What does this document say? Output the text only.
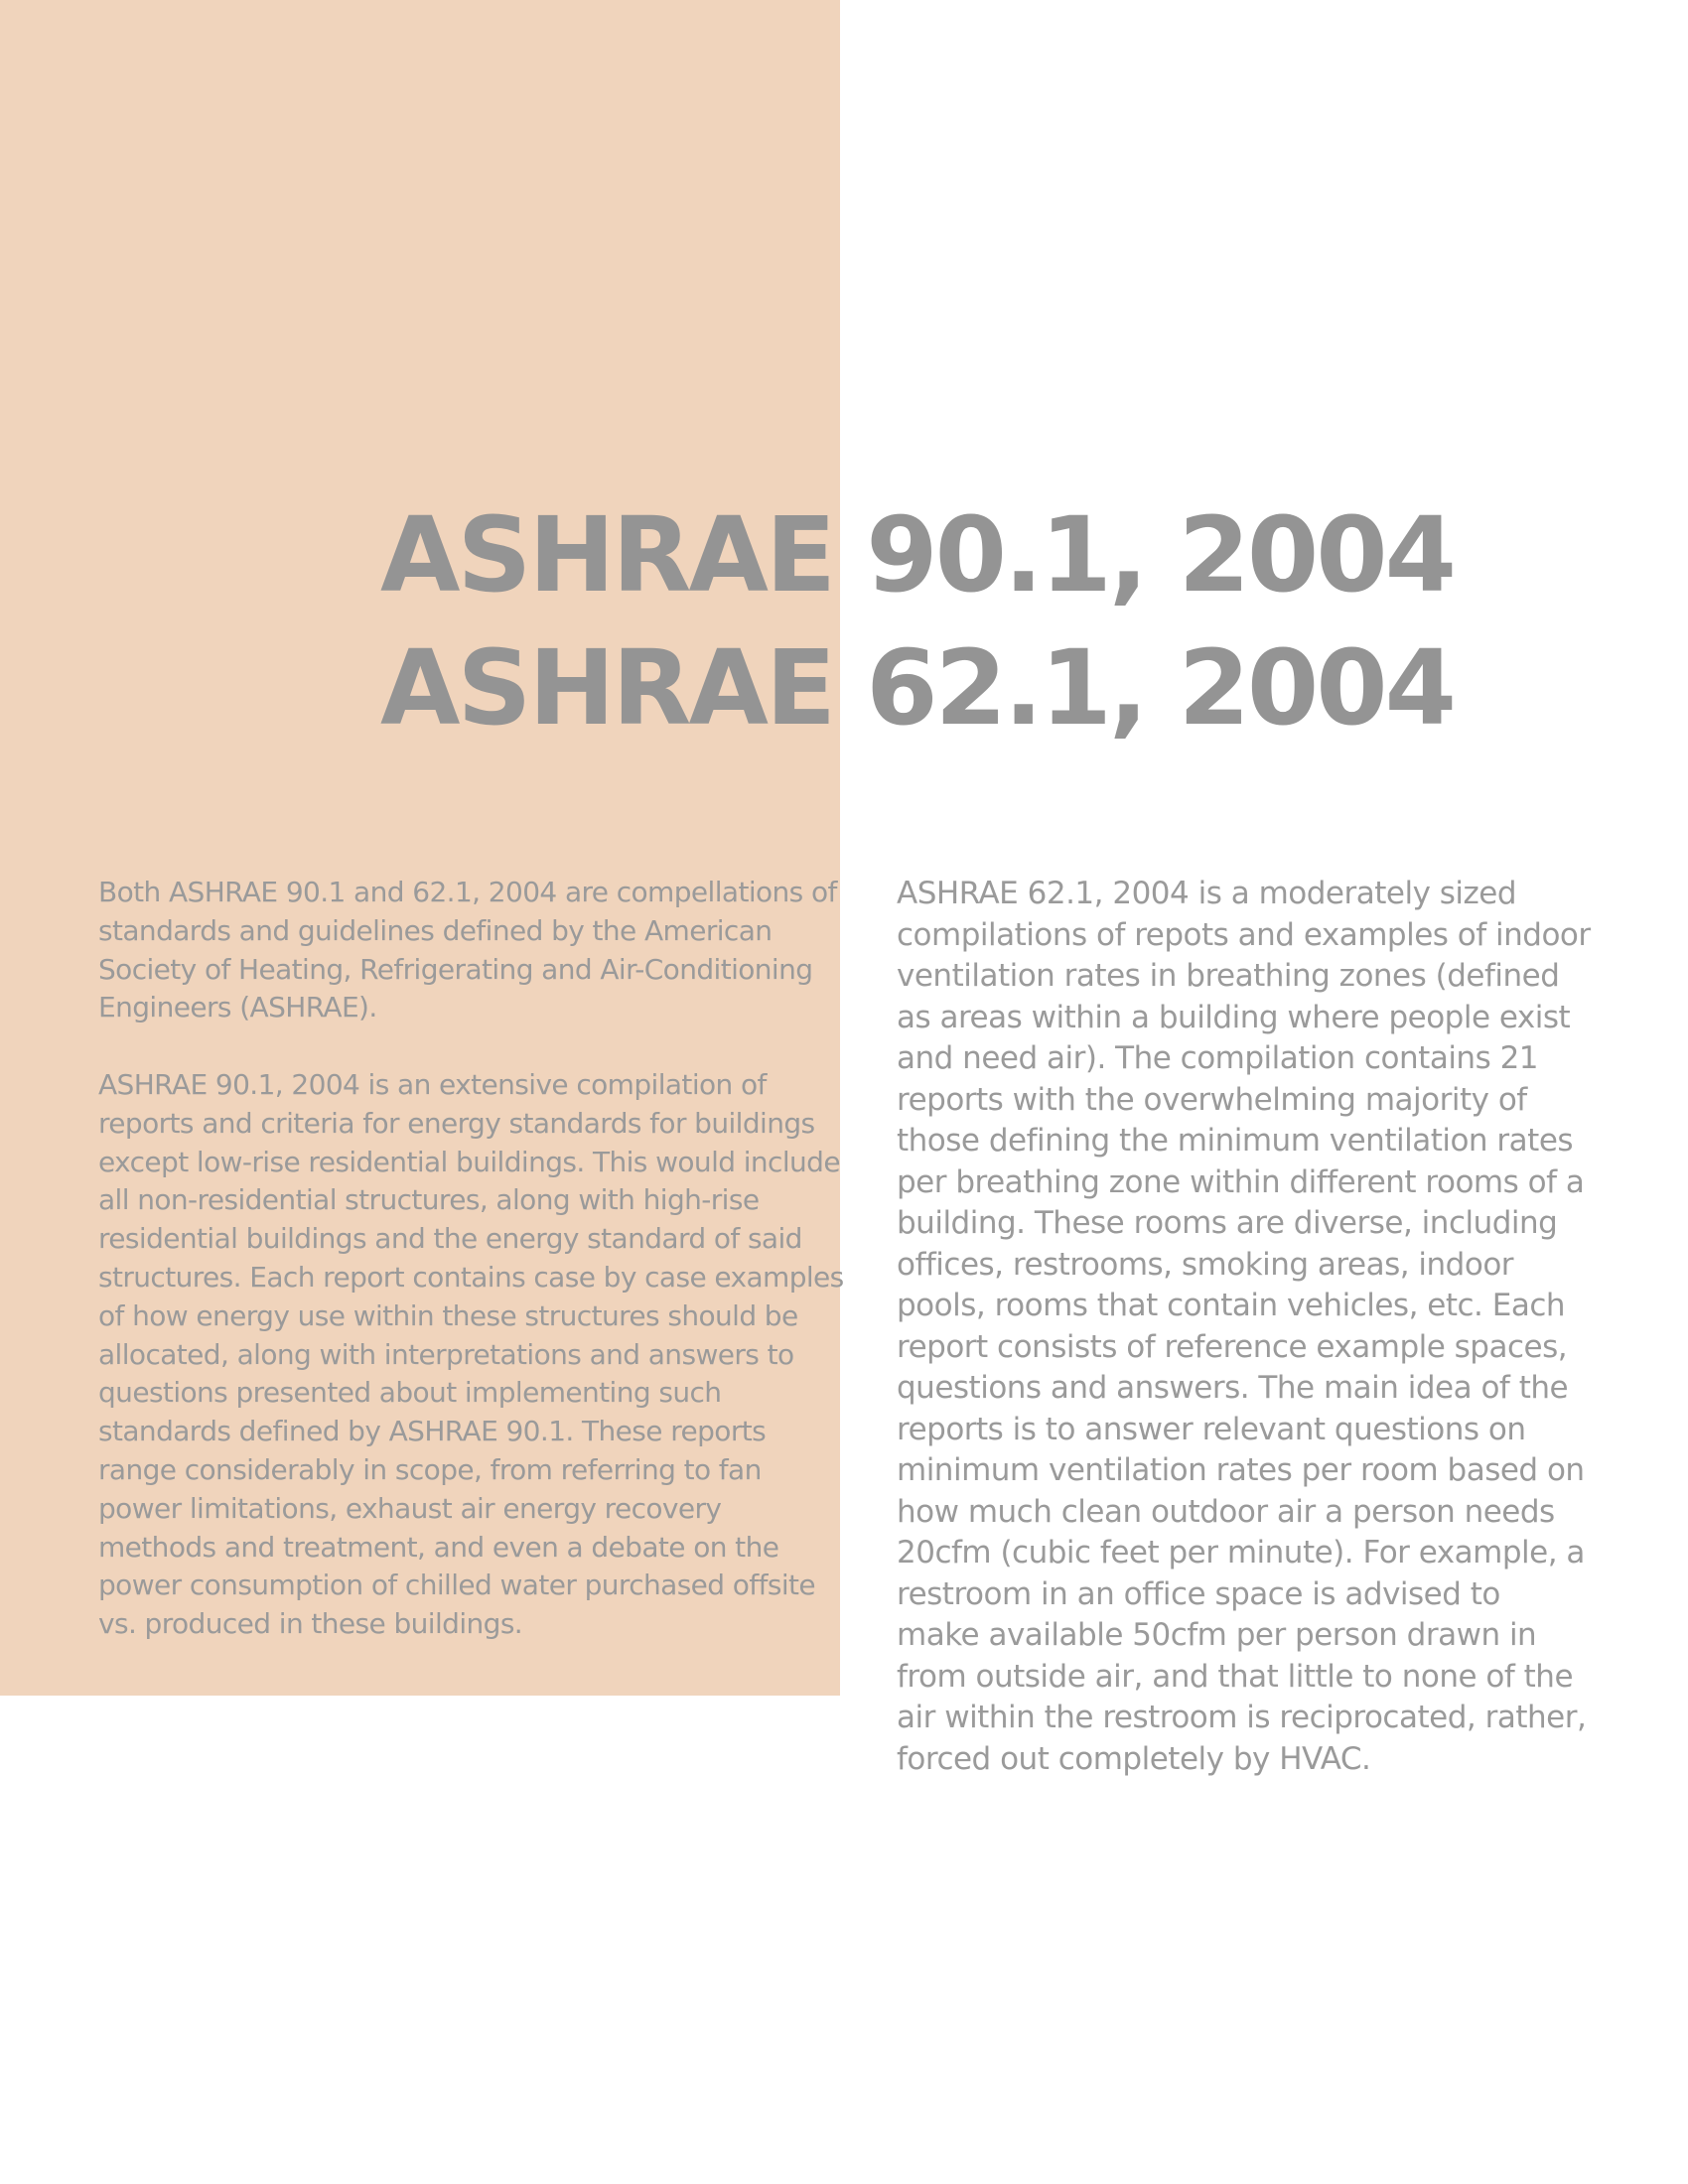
ASHRAE 90.1, 2004
ASHRAE 62.1, 2004

Both ASHRAE 90.1 and 62.1, 2004 are compellations of standards and guidelines defined by the American Society of Heating, Refrigerating and Air-Conditioning Engineers (ASHRAE).

ASHRAE 90.1, 2004 is an extensive compilation of reports and criteria for energy standards for buildings except low-rise residential buildings. This would include all non-residential structures, along with high-rise residential buildings and the energy standard of said structures. Each report contains case by case examples of how energy use within these structures should be allocated, along with interpretations and answers to questions presented about implementing such standards defined by ASHRAE 90.1. These reports range considerably in scope, from referring to fan power limitations, exhaust air energy recovery methods and treatment, and even a debate on the power consumption of chilled water purchased offsite vs. produced in these buildings.

ASHRAE 62.1, 2004 is a moderately sized compilations of repots and examples of indoor ventilation rates in breathing zones (defined as areas within a building where people exist and need air). The compilation contains 21 reports with the overwhelming majority of those defining the minimum ventilation rates per breathing zone within different rooms of a building. These rooms are diverse, including offices, restrooms, smoking areas, indoor pools, rooms that contain vehicles, etc. Each report consists of reference example spaces, questions and answers. The main idea of the reports is to answer relevant questions on minimum ventilation rates per room based on how much clean outdoor air a person needs 20cfm (cubic feet per minute). For example, a restroom in an office space is advised to make available 50cfm per person drawn in from outside air, and that little to none of the air within the restroom is reciprocated, rather, forced out completely by HVAC.
